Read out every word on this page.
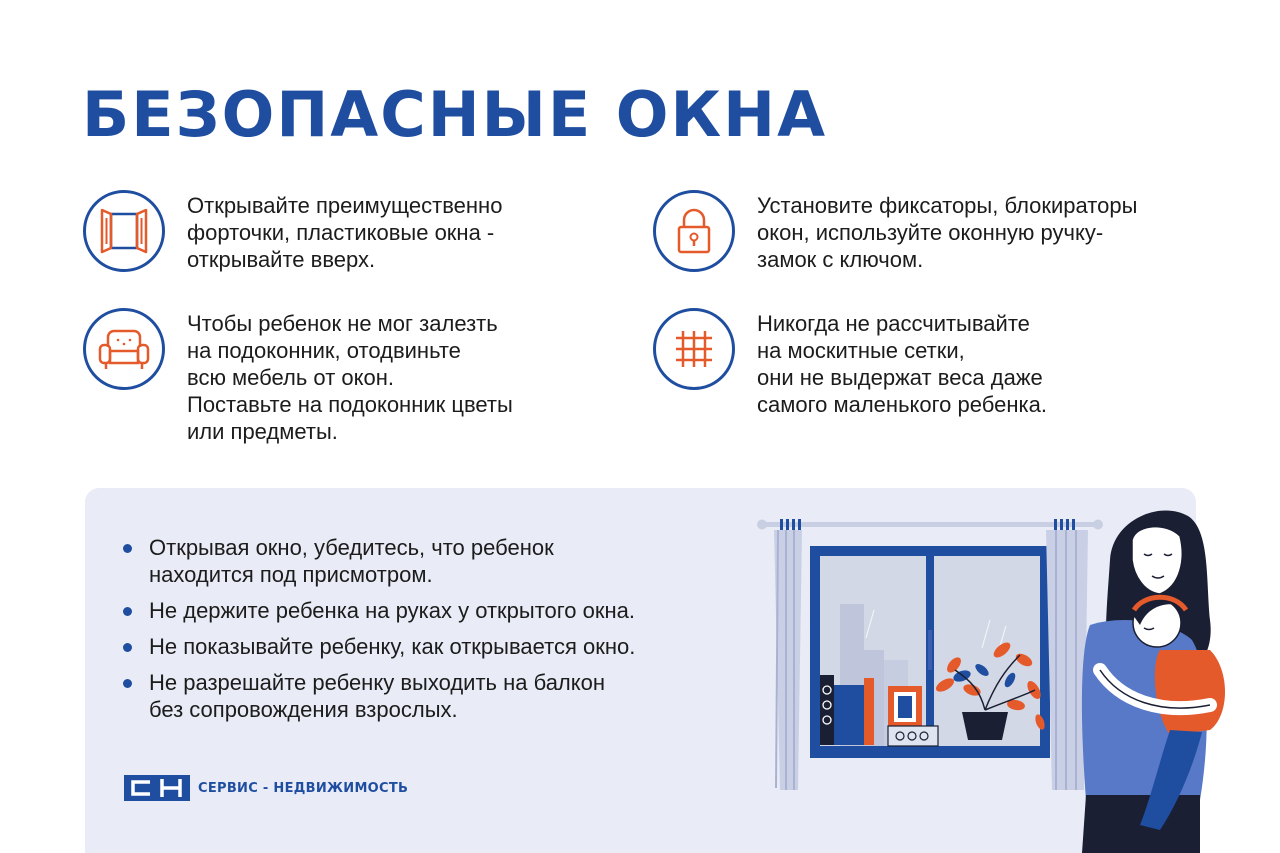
БЕЗОПАСНЫЕ ОКНА
Открывайте преимущественно
форточки, пластиковые окна -
открывайте вверх.
Установите фиксаторы, блокираторы
окон, используйте оконную ручку-
замок с ключом.
Чтобы ребенок не мог залезть
на подоконник, отодвиньте
всю мебель от окон.
Поставьте на подоконник цветы
или предметы.
Никогда не рассчитывайте
на москитные сетки,
они не выдержат веса даже
самого маленького ребенка.
Открывая окно, убедитесь, что ребенок
находится под присмотром.
Не держите ребенка на руках у открытого окна.
Не показывайте ребенку, как открывается окно.
Не разрешайте ребенку выходить на балкон
без сопровождения взрослых.
СЕРВИС - НЕДВИЖИМОСТЬ
